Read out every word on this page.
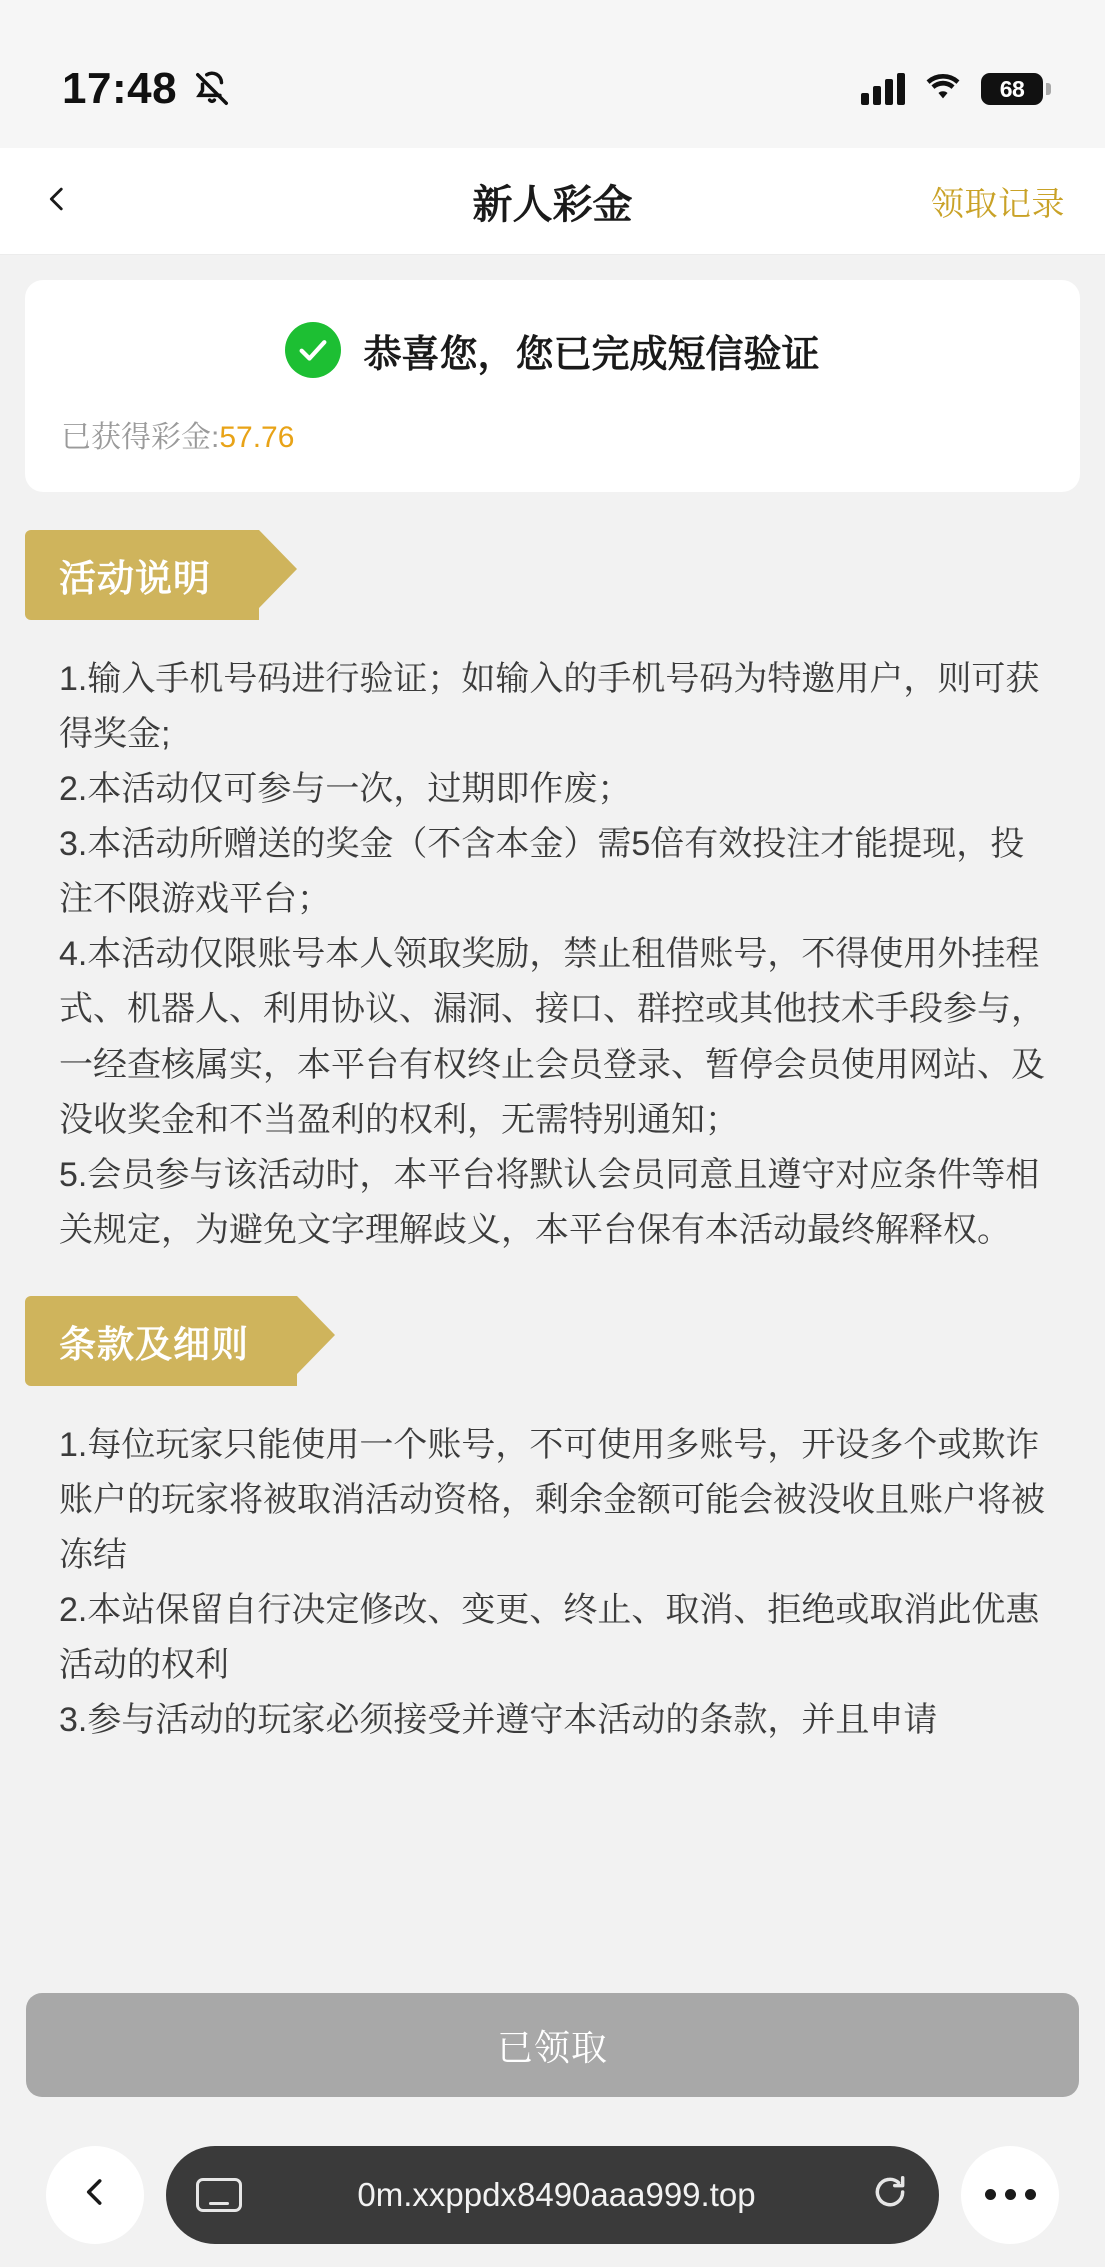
17:48	68
新人彩金	领取记录
恭喜您，您已完成短信验证
已获得彩金:57.76
活动说明

1.输入手机号码进行验证；如输入的手机号码为特邀用户，则可获得奖金;

2.本活动仅可参与一次，过期即作废；

3.本活动所赠送的奖金（不含本金）需5倍有效投注才能提现，投注不限游戏平台；

4.本活动仅限账号本人领取奖励，禁止租借账号，不得使用外挂程式、机器人、利用协议、漏洞、接口、群控或其他技术手段参与，一经查核属实，本平台有权终止会员登录、暂停会员使用网站、及没收奖金和不当盈利的权利，无需特别通知；

5.会员参与该活动时，本平台将默认会员同意且遵守对应条件等相关规定，为避免文字理解歧义，本平台保有本活动最终解释权。

条款及细则

1.每位玩家只能使用一个账号，不可使用多账号，开设多个或欺诈账户的玩家将被取消活动资格，剩余金额可能会被没收且账户将被冻结

2.本站保留自行决定修改、变更、终止、取消、拒绝或取消此优惠活动的权利

3.参与活动的玩家必须接受并遵守本活动的条款，并且申请

已领取
0m.xxppdx8490aaa999.top
